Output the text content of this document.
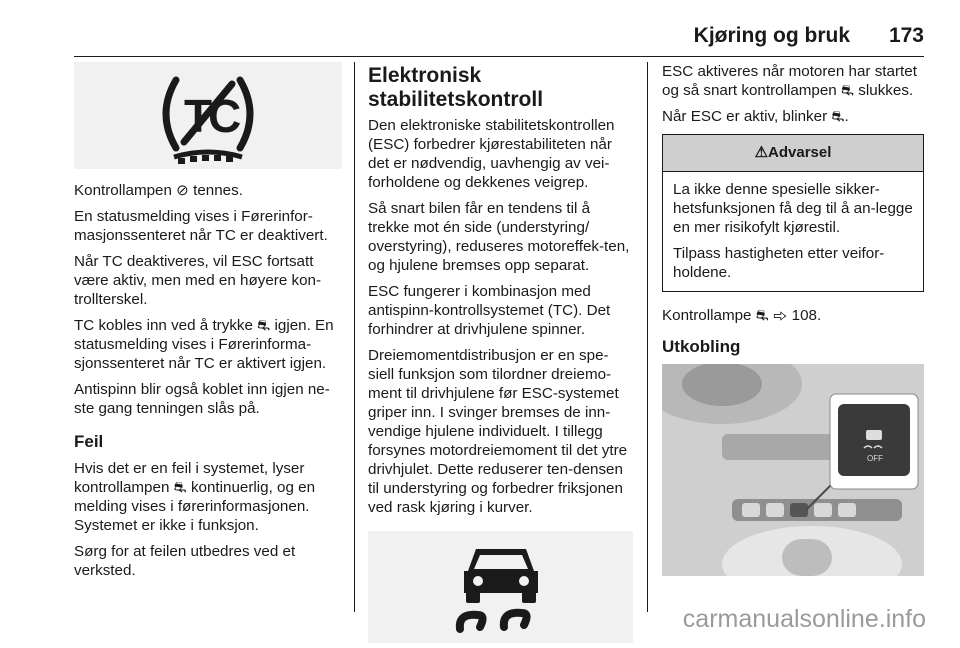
Kjøring og bruk 173
T
C

Kontrollampen ⊘ tennes.

En statusmelding vises i Førerinfor-masjonssenteret når TC er deaktivert.

Når TC deaktiveres, vil ESC fortsatt være aktiv, men med en høyere kon-trollterskel.

TC kobles inn ved å trykke ⛐ igjen. En statusmelding vises i Førerinforma-sjonssenteret når TC er aktivert igjen.

Antispinn blir også koblet inn igjen ne-ste gang tenningen slås på.

Feil

Hvis det er en feil i systemet, lyser kontrollampen ⛐ kontinuerlig, og en melding vises i førerinformasjonen. Systemet er ikke i funksjon.

Sørg for at feilen utbedres ved et verksted.

Elektronisk stabilitetskontroll

Den elektroniske stabilitetskontrollen (ESC) forbedrer kjørestabiliteten når det er nødvendig, uavhengig av vei-forholdene og dekkenes veigrep.

Så snart bilen får en tendens til å trekke mot én side (understyring/ overstyring), reduseres motoreffek-ten, og hjulene bremses opp separat.

ESC fungerer i kombinasjon med antispinn-kontrollsystemet (TC). Det forhindrer at drivhjulene spinner.

Dreiemomentdistribusjon er en spe-siell funksjon som tilordner dreiemo-ment til drivhjulene før ESC-systemet griper inn. I svinger bremses de inn-vendige hjulene individuelt. I tillegg forsynes motordreiemoment til det ytre drivhjulet. Dette reduserer ten-densen til understyring og forbedrer friksjonen ved rask kjøring i kurver.

ESC aktiveres når motoren har startet og så snart kontrollampen ⛐ slukkes.

Når ESC er aktiv, blinker ⛐.

⚠Advarsel

La ikke denne spesielle sikker-hetsfunksjonen få deg til å an-legge en mer risikofylt kjørestil.

Tilpass hastigheten etter veifor-holdene.

Kontrollampe ⛐ ⇨ 108.

Utkobling
OFF
carmanualsonline.info
